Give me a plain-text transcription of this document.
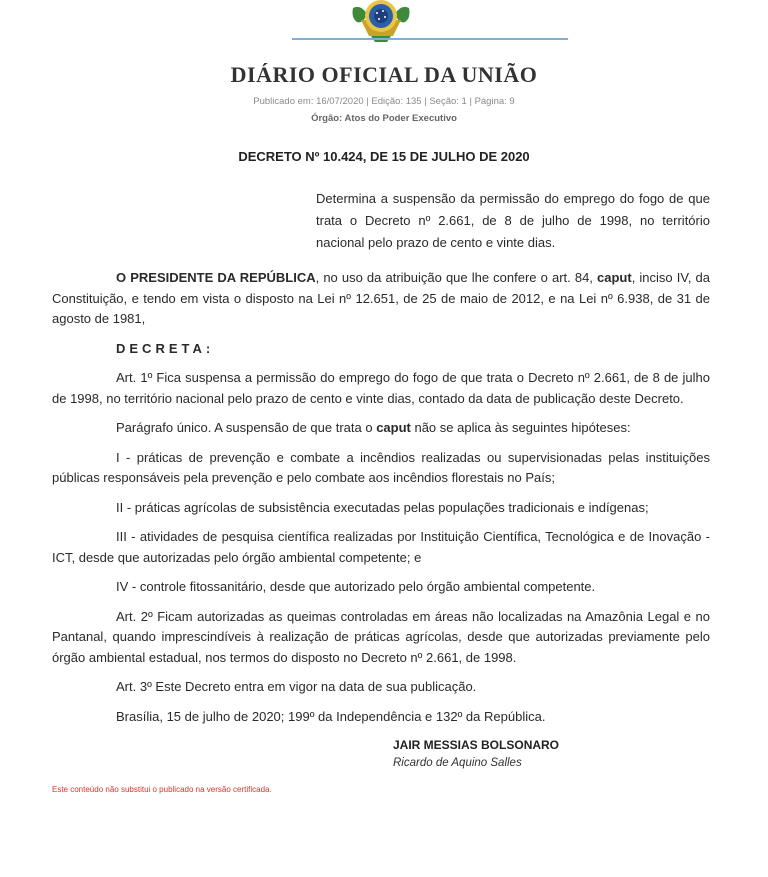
DIÁRIO OFICIAL DA UNIÃO
Publicado em: 16/07/2020 | Edição: 135 | Seção: 1 | Página: 9
Órgão: Atos do Poder Executivo
DECRETO Nº 10.424, DE 15 DE JULHO DE 2020
Determina a suspensão da permissão do emprego do fogo de que trata o Decreto nº 2.661, de 8 de julho de 1998, no território nacional pelo prazo de cento e vinte dias.

O PRESIDENTE DA REPÚBLICA, no uso da atribuição que lhe confere o art. 84, caput, inciso IV, da Constituição, e tendo em vista o disposto na Lei nº 12.651, de 25 de maio de 2012, e na Lei nº 6.938, de 31 de agosto de 1981,

DECRETA:

Art. 1º Fica suspensa a permissão do emprego do fogo de que trata o Decreto nº 2.661, de 8 de julho de 1998, no território nacional pelo prazo de cento e vinte dias, contado da data de publicação deste Decreto.

Parágrafo único. A suspensão de que trata o caput não se aplica às seguintes hipóteses:

I - práticas de prevenção e combate a incêndios realizadas ou supervisionadas pelas instituições públicas responsáveis pela prevenção e pelo combate aos incêndios florestais no País;

II - práticas agrícolas de subsistência executadas pelas populações tradicionais e indígenas;

III - atividades de pesquisa científica realizadas por Instituição Científica, Tecnológica e de Inovação - ICT, desde que autorizadas pelo órgão ambiental competente; e

IV - controle fitossanitário, desde que autorizado pelo órgão ambiental competente.

Art. 2º Ficam autorizadas as queimas controladas em áreas não localizadas na Amazônia Legal e no Pantanal, quando imprescindíveis à realização de práticas agrícolas, desde que autorizadas previamente pelo órgão ambiental estadual, nos termos do disposto no Decreto nº 2.661, de 1998.

Art. 3º Este Decreto entra em vigor na data de sua publicação.

Brasília, 15 de julho de 2020; 199º da Independência e 132º da República.

JAIR MESSIAS BOLSONARO
Ricardo de Aquino Salles
Este conteúdo não substitui o publicado na versão certificada.
